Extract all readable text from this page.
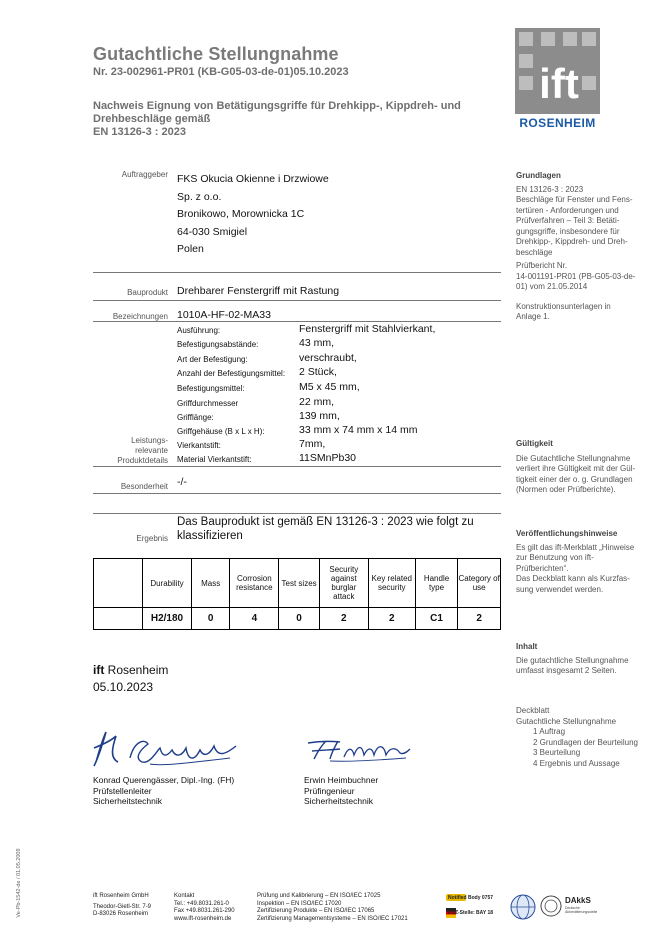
Gutachtliche Stellungnahme
Nr. 23-002961-PR01 (KB-G05-03-de-01)05.10.2023
Nachweis Eignung von Betätigungsgriffe für Drehkipp-, Kippdreh- und
Drehbeschläge gemäß
EN 13126-3 : 2023
ift
ROSENHEIM
Auftraggeber FKS Okucia Okienne i Drzwiowe
Sp. z o.o.
Bronikowo, Morownicka 1C
64-030 Smigiel
Polen
Bauprodukt Drehbarer Fenstergriff mit Rastung
Bezeichnungen 1010A-HF-02-MA33
Leistungs-
relevante
Produktdetails
Ausführung:	Fenstergriff mit Stahlvierkant,
Befestigungsabstände:	43 mm,
Art der Befestigung:	verschraubt,
Anzahl der Befestigungsmittel: 2 Stück,
Befestigungsmittel:	M5 x 45 mm,
Griffdurchmesser	22 mm,
Grifflänge:	139 mm,
Griffgehäuse (B x L x H):	33 mm x 74 mm x 14 mm
Vierkantstift:	7mm,
Material Vierkantstift:	11SMnPb30
Besonderheit -/-
Ergebnis
Das Bauprodukt ist gemäß EN 13126-3 : 2023 wie folgt zu
klassifizieren
	Durability	Mass	Corrosion resistance	Test sizes	Security against burglar attack	Key related security	Handle type	Category of use
	H2/180	0	4	0	2	2	C1	2
ift Rosenheim
05.10.2023
Konrad Querengässer, Dipl.-Ing. (FH)
Prüfstellenleiter
Sicherheitstechnik
Erwin Heimbuchner
Prüfingenieur
Sicherheitstechnik
Grundlagen
EN 13126-3 : 2023
Beschläge für Fenster und Fens-
tertüren - Anforderungen und
Prüfverfahren – Teil 3: Betäti-
gungsgriffe, insbesondere für
Drehkipp-, Kippdreh- und Dreh-
beschläge
Prüfbericht Nr.
14-001191-PR01 (PB-G05-03-de-
01) vom 21.05.2014
Konstruktionsunterlagen in
Anlage 1.
Gültigkeit
Die Gutachtliche Stellungnahme
verliert ihre Gültigkeit mit der Gül-
tigkeit einer der o. g. Grundlagen
(Normen oder Prüfberichte).
Veröffentlichungshinweise
Es gilt das ift-Merkblatt „Hinweise
zur Benutzung von ift-
Prüfberichten“.
Das Deckblatt kann als Kurzfas-
sung verwendet werden.
Inhalt
Die gutachtliche Stellungnahme
umfasst insgesamt 2 Seiten.
Deckblatt
Gutachtliche Stellungnahme
1 Auftrag
2 Grundlagen der Beurteilung
3 Beurteilung
4 Ergebnis und Aussage
Ve-Pb-1542-de / 01.05.2009	ift Rosenheim GmbH
Theodor-Gietl-Str. 7-9
D-83026 Rosenheim
Kontakt
Tel.: +49.8031.261-0
Fax +49.8031.261-290
www.ift-rosenheim.de
Prüfung und Kalibrierung – EN ISO/IEC 17025
Inspektion – EN ISO/IEC 17020
Zertifizierung Produkte – EN ISO/IEC 17065
Zertifizierung Managementsysteme – EN ISO/IEC 17021
Notified Body 0757
PÜZ-Stelle: BAY 18
DAkkS
Deutsche Akkreditierungsstelle
